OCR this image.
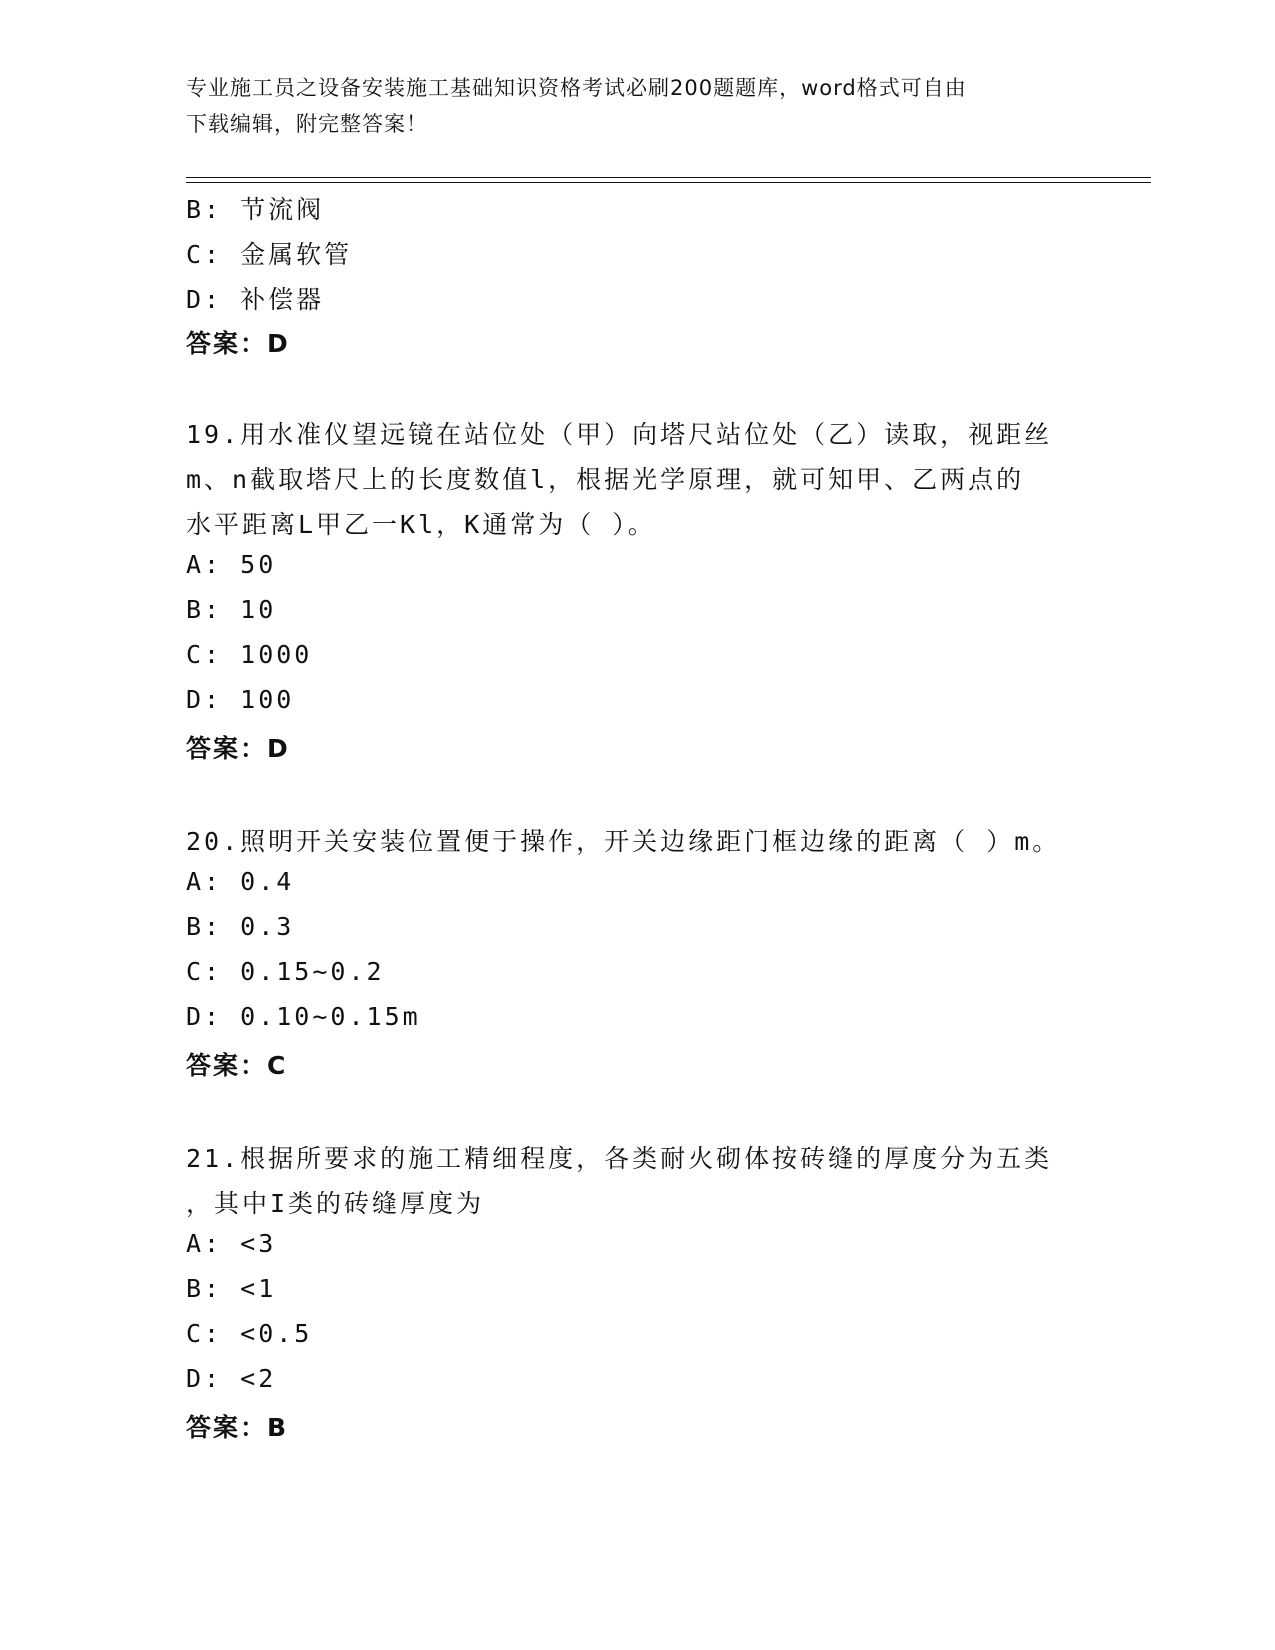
专业施工员之设备安装施工基础知识资格考试必刷200题题库，word格式可自由
下载编辑，附完整答案！
B: 节流阀
C: 金属软管
D: 补偿器
答案：D
19.用水准仪望远镜在站位处（甲）向塔尺站位处（乙）读取，视距丝
m、n截取塔尺上的长度数值l，根据光学原理，就可知甲、乙两点的
水平距离L甲乙一Kl，K通常为（ ）。
A: 50
B: 10
C: 1000
D: 100
答案：D
20.照明开关安装位置便于操作，开关边缘距门框边缘的距离（ ）m。
A: 0.4
B: 0.3
C: 0.15~0.2
D: 0.10~0.15m
答案：C
21.根据所要求的施工精细程度，各类耐火砌体按砖缝的厚度分为五类
，其中I类的砖缝厚度为
A: <3
B: <1
C: <0.5
D: <2
答案：B
